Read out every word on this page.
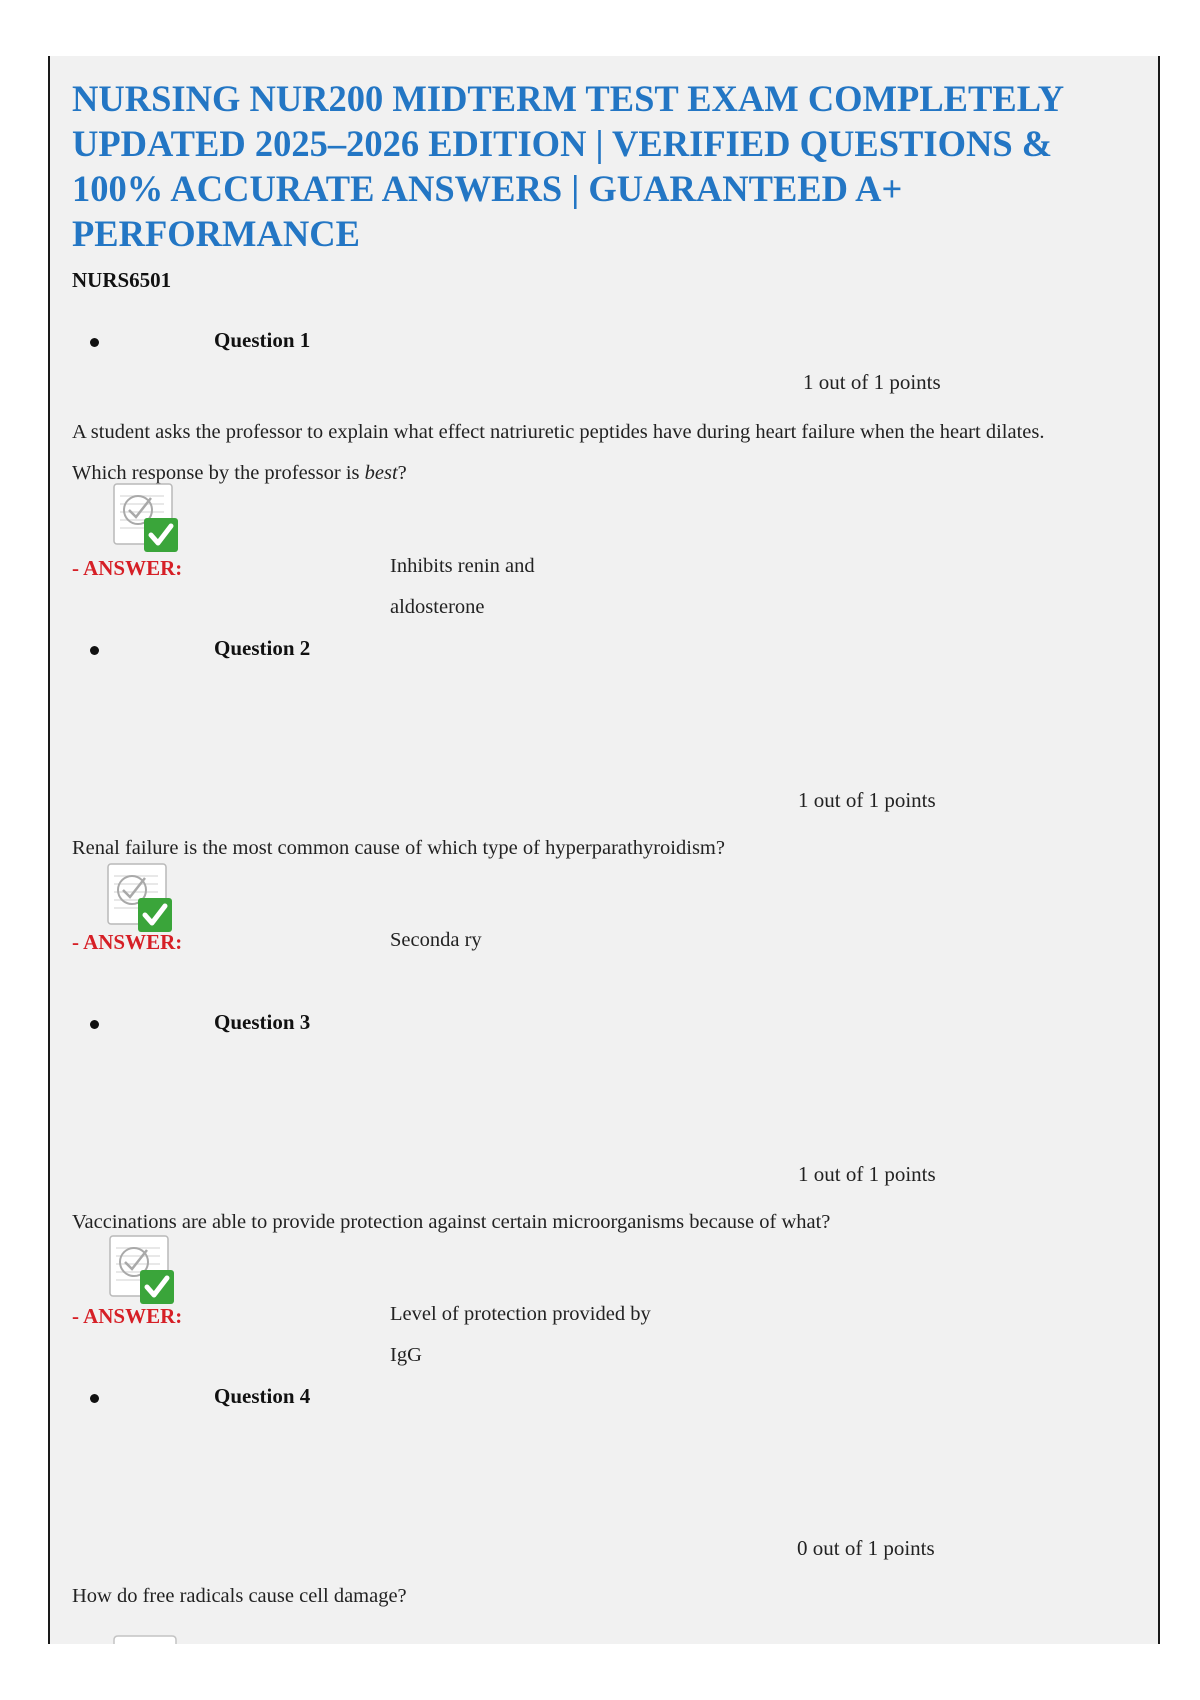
NURSING NUR200 MIDTERM TEST EXAM COMPLETELY UPDATED 2025–2026 EDITION | VERIFIED QUESTIONS & 100% ACCURATE ANSWERS | GUARANTEED A+ PERFORMANCE
NURS6501
Question 1
1 out of 1 points
A student asks the professor to explain what effect natriuretic peptides have during heart failure when the heart dilates. Which response by the professor is best?
- ANSWER:	Inhibits renin and aldosterone
Question 2
1 out of 1 points
Renal failure is the most common cause of which type of hyperparathyroidism?
- ANSWER:	Seconda ry
Question 3
1 out of 1 points
Vaccinations are able to provide protection against certain microorganisms because of what?
- ANSWER:	Level of protection provided by IgG
Question 4
0 out of 1 points
How do free radicals cause cell damage?
